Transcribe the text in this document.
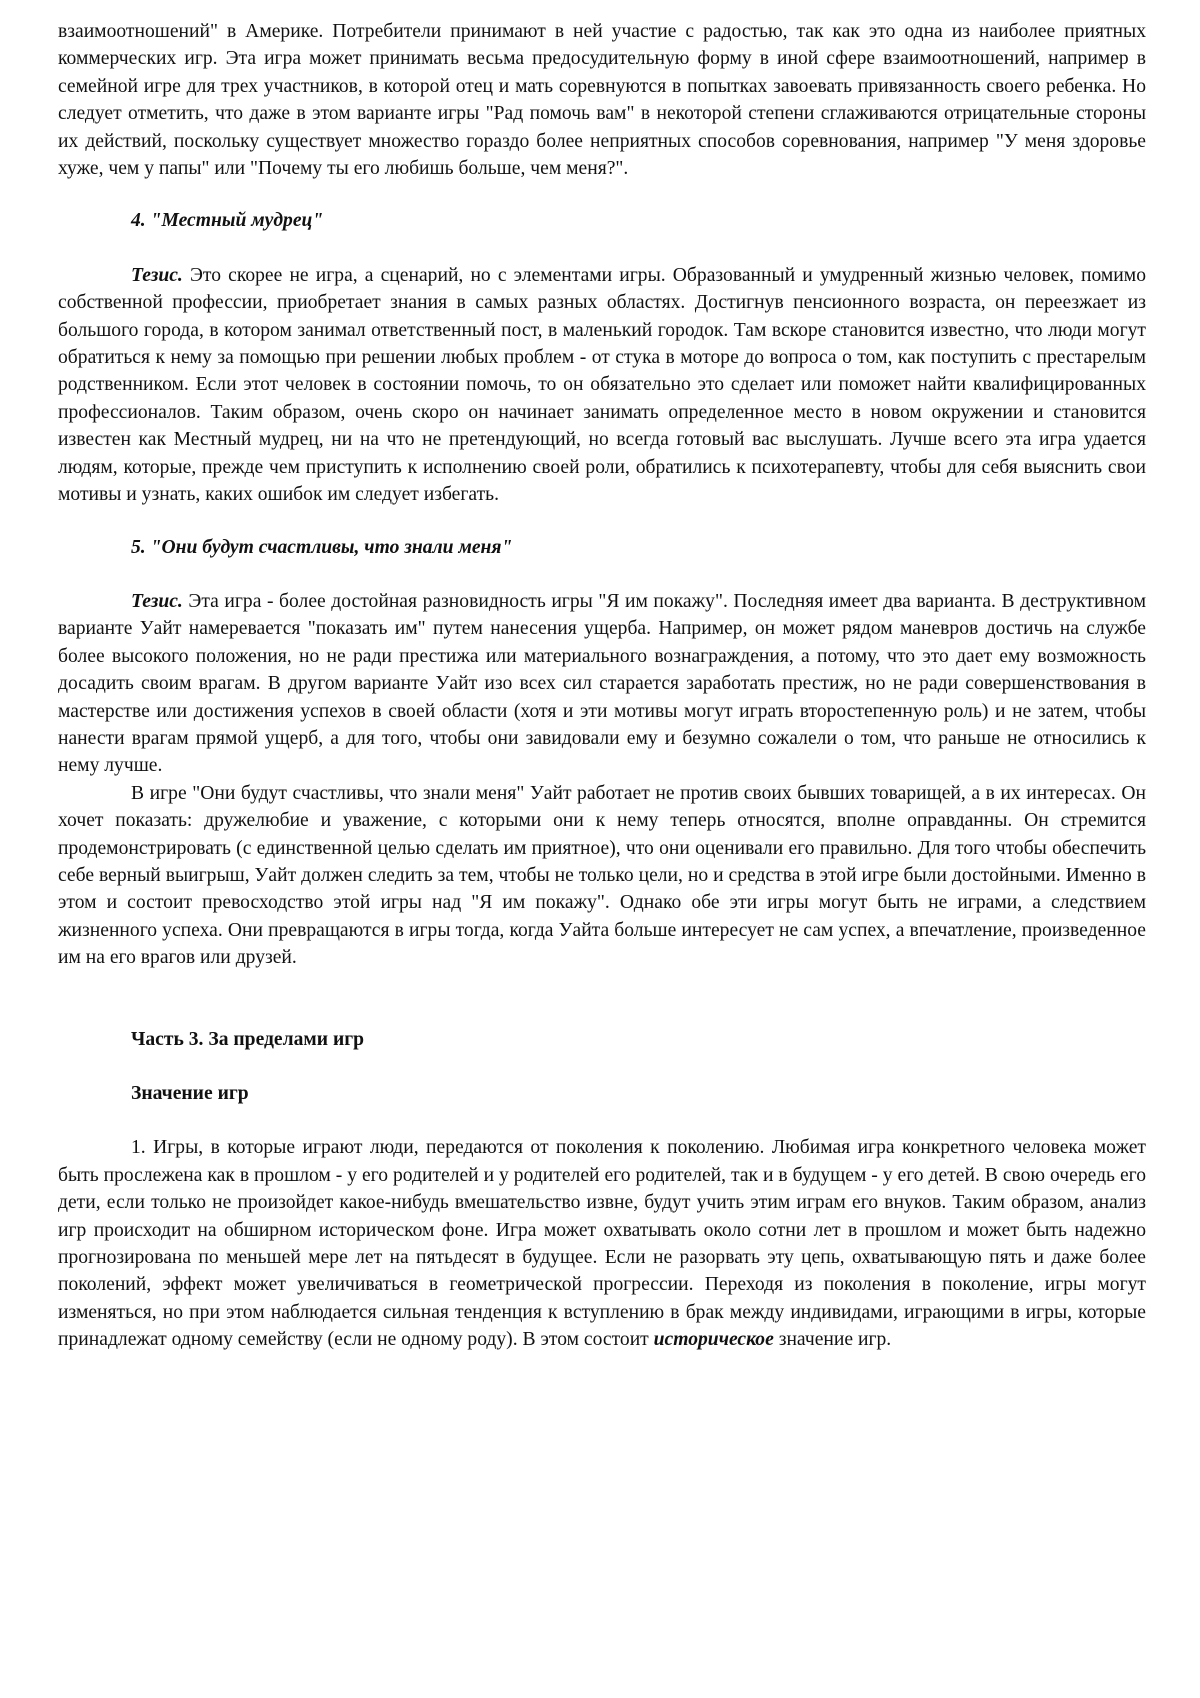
взаимоотношений" в Америке. Потребители принимают в ней участие с радостью, так как это одна из наиболее приятных коммерческих игр. Эта игра может принимать весьма предосудительную форму в иной сфере взаимоотношений, например в семейной игре для трех участников, в которой отец и мать соревнуются в попытках завоевать привязанность своего ребенка. Но следует отметить, что даже в этом варианте игры "Рад помочь вам" в некоторой степени сглаживаются отрицательные стороны их действий, поскольку существует множество гораздо более неприятных способов соревнования, например "У меня здоровье хуже, чем у папы" или "Почему ты его любишь больше, чем меня?".

4. "Местный мудрец"

Тезис. Это скорее не игра, а сценарий, но с элементами игры. Образованный и умудренный жизнью человек, помимо собственной профессии, приобретает знания в самых разных областях. Достигнув пенсионного возраста, он переезжает из большого города, в котором занимал ответственный пост, в маленький городок. Там вскоре становится известно, что люди могут обратиться к нему за помощью при решении любых проблем - от стука в моторе до вопроса о том, как поступить с престарелым родственником. Если этот человек в состоянии помочь, то он обязательно это сделает или поможет найти квалифицированных профессионалов. Таким образом, очень скоро он начинает занимать определенное место в новом окружении и становится известен как Местный мудрец, ни на что не претендующий, но всегда готовый вас выслушать. Лучше всего эта игра удается людям, которые, прежде чем приступить к исполнению своей роли, обратились к психотерапевту, чтобы для себя выяснить свои мотивы и узнать, каких ошибок им следует избегать.

5. "Они будут счастливы, что знали меня"

Тезис. Эта игра - более достойная разновидность игры "Я им покажу". Последняя имеет два варианта. В деструктивном варианте Уайт намеревается "показать им" путем нанесения ущерба. Например, он может рядом маневров достичь на службе более высокого положения, но не ради престижа или материального вознаграждения, а потому, что это дает ему возможность досадить своим врагам. В другом варианте Уайт изо всех сил старается заработать престиж, но не ради совершенствования в мастерстве или достижения успехов в своей области (хотя и эти мотивы могут играть второстепенную роль) и не затем, чтобы нанести врагам прямой ущерб, а для того, чтобы они завидовали ему и безумно сожалели о том, что раньше не относились к нему лучше.

В игре "Они будут счастливы, что знали меня" Уайт работает не против своих бывших товарищей, а в их интересах. Он хочет показать: дружелюбие и уважение, с которыми они к нему теперь относятся, вполне оправданны. Он стремится продемонстрировать (с единственной целью сделать им приятное), что они оценивали его правильно. Для того чтобы обеспечить себе верный выигрыш, Уайт должен следить за тем, чтобы не только цели, но и средства в этой игре были достойными. Именно в этом и состоит превосходство этой игры над "Я им покажу". Однако обе эти игры могут быть не играми, а следствием жизненного успеха. Они превращаются в игры тогда, когда Уайта больше интересует не сам успех, а впечатление, произведенное им на его врагов или друзей.

Часть 3. За пределами игр

Значение игр

1. Игры, в которые играют люди, передаются от поколения к поколению. Любимая игра конкретного человека может быть прослежена как в прошлом - у его родителей и у родителей его родителей, так и в будущем - у его детей. В свою очередь его дети, если только не произойдет какое-нибудь вмешательство извне, будут учить этим играм его внуков. Таким образом, анализ игр происходит на обширном историческом фоне. Игра может охватывать около сотни лет в прошлом и может быть надежно прогнозирована по меньшей мере лет на пятьдесят в будущее. Если не разорвать эту цепь, охватывающую пять и даже более поколений, эффект может увеличиваться в геометрической прогрессии. Переходя из поколения в поколение, игры могут изменяться, но при этом наблюдается сильная тенденция к вступлению в брак между индивидами, играющими в игры, которые принадлежат одному семейству (если не одному роду). В этом состоит историческое значение игр.
